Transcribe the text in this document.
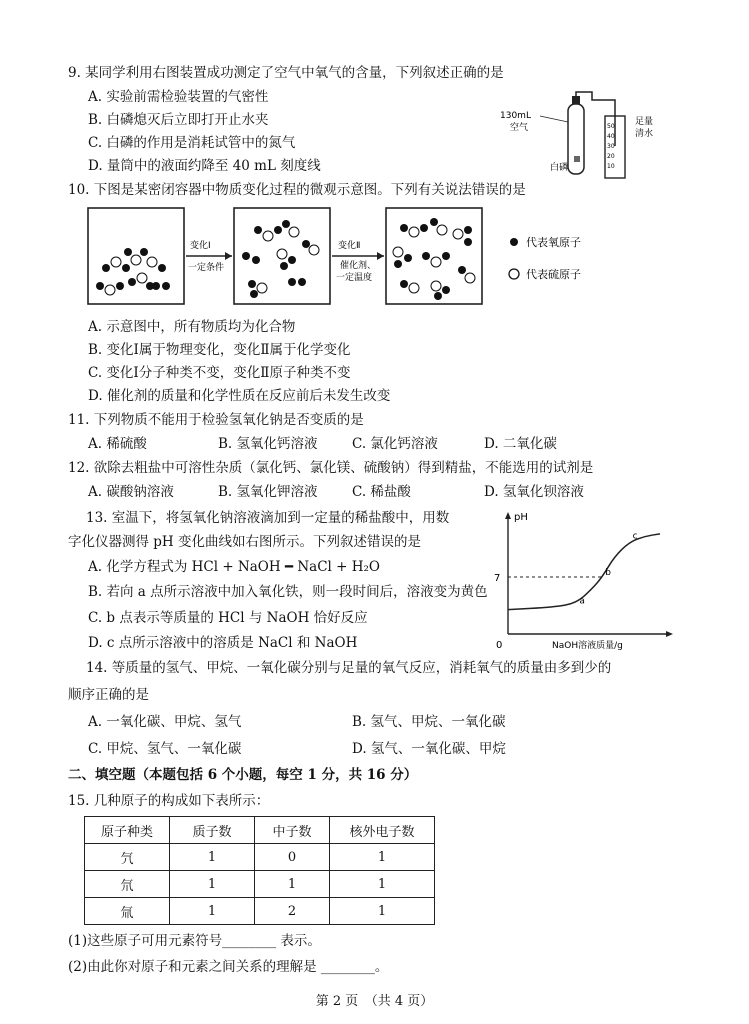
9. 某同学利用右图装置成功测定了空气中氧气的含量，下列叙述正确的是
A. 实验前需检验装置的气密性
B. 白磷熄灭后立即打开止水夹
C. 白磷的作用是消耗试管中的氮气
D. 量筒中的液面约降至 40 mL 刻度线
130mL
空气
白磷
50
40
30
20
10
足量
清水
10. 下图是某密闭容器中物质变化过程的微观示意图。下列有关说法错误的是
变化Ⅰ
一定条件
变化Ⅱ
催化剂、
一定温度
代表氧原子
代表硫原子
A. 示意图中，所有物质均为化合物
B. 变化Ⅰ属于物理变化，变化Ⅱ属于化学变化
C. 变化Ⅰ分子种类不变，变化Ⅱ原子种类不变
D. 催化剂的质量和化学性质在反应前后未发生改变
11. 下列物质不能用于检验氢氧化钠是否变质的是
A. 稀硫酸	B. 氢氧化钙溶液	C. 氯化钙溶液	D. 二氧化碳
12. 欲除去粗盐中可溶性杂质（氯化钙、氯化镁、硫酸钠）得到精盐，不能选用的试剂是
A. 碳酸钠溶液	B. 氢氧化钾溶液	C. 稀盐酸	D. 氢氧化钡溶液
13. 室温下，将氢氧化钠溶液滴加到一定量的稀盐酸中，用数
字化仪器测得 pH 变化曲线如右图所示。下列叙述错误的是
A. 化学方程式为 HCl + NaOH ━ NaCl + H₂O
B. 若向 a 点所示溶液中加入氧化铁，则一段时间后，溶液变为黄色
C. b 点表示等质量的 HCl 与 NaOH 恰好反应
D. c 点所示溶液中的溶质是 NaCl 和 NaOH
pH
0	NaOH溶液质量/g
7
a
b
c
14. 等质量的氢气、甲烷、一氧化碳分别与足量的氧气反应，消耗氧气的质量由多到少的
顺序正确的是
A. 一氧化碳、甲烷、氢气	B. 氢气、甲烷、一氧化碳
C. 甲烷、氢气、一氧化碳	D. 氢气、一氧化碳、甲烷
二、填空题（本题包括 6 个小题，每空 1 分，共 16 分）
15. 几种原子的构成如下表所示：
原子种类	质子数	中子数	核外电子数
氕	1	0	1
氘	1	1	1
氚	1	2	1
(1)这些原子可用元素符号________ 表示。
(2)由此你对原子和元素之间关系的理解是 ________。
第 2 页　（共 4 页）
